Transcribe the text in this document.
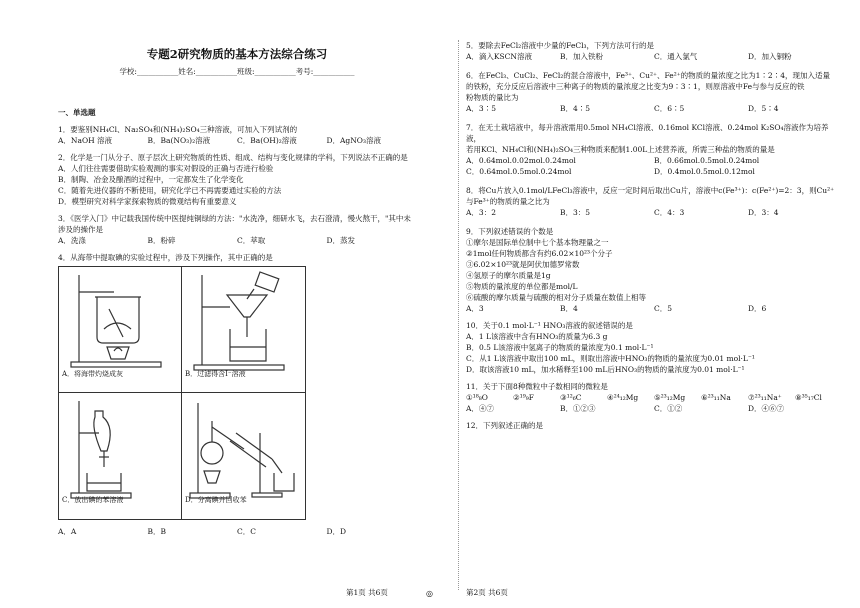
专题2研究物质的基本方法综合练习
学校:___________姓名:___________班级:___________考号:___________
一、单选题

1．要鉴别NH₄Cl、Na₂SO₄和(NH₄)₂SO₄三种溶液，可加入下列试剂的

A．NaOH 溶液	B．Ba(NO₃)₂溶液	C．Ba(OH)₂溶液	D．AgNO₃溶液

2．化学是一门从分子、原子层次上研究物质的性质、组成、结构与变化规律的学科，下列说法不正确的是

A．人们往往需要借助实验观测的事实对假设的正确与否进行检验

B．制陶、冶金及酿酒的过程中，一定都发生了化学变化

C．随着先进仪器的不断使用，研究化学已不再需要通过实验的方法

D．模型研究对科学家探索物质的微观结构有重要意义

3．《医学入门》中记载我国传统中医提纯铜绿的方法："水洗净，细研水飞，去石澄清，慢火熬干，"其中未

涉及的操作是

A．洗涤	B．粉碎	C．萃取	D．蒸发

4．从海带中提取碘的实验过程中，涉及下列操作，其中正确的是

A．将海带灼烧成灰	B．过滤得含I⁻溶液
C．放出碘的苯溶液	D．分离碘并回收苯
A．A	B．B	C．C	D．D
第1页 共6页	◎

5．要除去FeCl₂溶液中少量的FeCl₃，下列方法可行的是

A．滴入KSCN溶液	B．加入铁粉	C．通入氯气	D．加入铜粉

6．在FeCl₃、CuCl₂、FeCl₂的混合溶液中，Fe³⁺、Cu²⁺、Fe²⁺的物质的量浓度之比为1∶2∶4，现加入适量

的铁粉，充分反应后溶液中三种离子的物质的量浓度之比变为9∶3∶1，则原溶液中Fe与参与反应的铁

粉物质的量比为

A．3∶5	B．4∶5	C．6∶5	D．5∶4

7．在无土栽培液中，每升溶液需用0.5mol NH₄Cl溶液、0.16mol KCl溶液、0.24mol K₂SO₄溶液作为培养液，

若用KCl、NH₄Cl和(NH₄)₂SO₄三种物质来配制1.00L上述营养液，所需三种盐的物质的量是

A．0.64mol.0.02mol.0.24mol	B．0.66mol.0.5mol.0.24mol
C．0.64mol.0.5mol.0.24mol	D．0.4mol.0.5mol.0.12mol

8．将Cu片放入0.1mol/LFeCl₃溶液中，反应一定时间后取出Cu片，溶液中c(Fe³⁺)：c(Fe²⁺)=2：3，则Cu²⁺

与Fe³⁺的物质的量之比为

A．3：2	B．3：5	C．4：3	D．3：4

9．下列叙述错误的个数是

①摩尔是国际单位制中七个基本物理量之一

②1mol任何物质都含有约6.02×10²³个分子

③6.02×10²³就是阿伏加德罗常数

④氢原子的摩尔质量是1g

⑤物质的量浓度的单位都是mol/L

⑥硫酸的摩尔质量与硫酸的相对分子质量在数值上相等

A．3	B．4	C．5	D．6

10．关于0.1 mol·L⁻¹ HNO₃溶液的叙述错误的是

A．1 L该溶液中含有HNO₃的质量为6.3 g

B．0.5 L该溶液中氢离子的物质的量浓度为0.1 mol·L⁻¹

C．从1 L该溶液中取出100 mL，则取出溶液中HNO₃的物质的量浓度为0.01 mol·L⁻¹

D．取该溶液10 mL，加水稀释至100 mL后HNO₃的物质的量浓度为0.01 mol·L⁻¹

11．关于下面8种微粒中子数相同的微粒是

①¹⁸₈O	②¹⁹₉F	③¹²₆C	④²⁴₁₂Mg	⑤²³₁₂Mg	⑥²³₁₁Na	⑦²³₁₁Na⁺	⑧³⁵₁₇Cl
A．④⑦	B．①②③	C．①②	D．④⑥⑦

12．下列叙述正确的是

第2页 共6页
